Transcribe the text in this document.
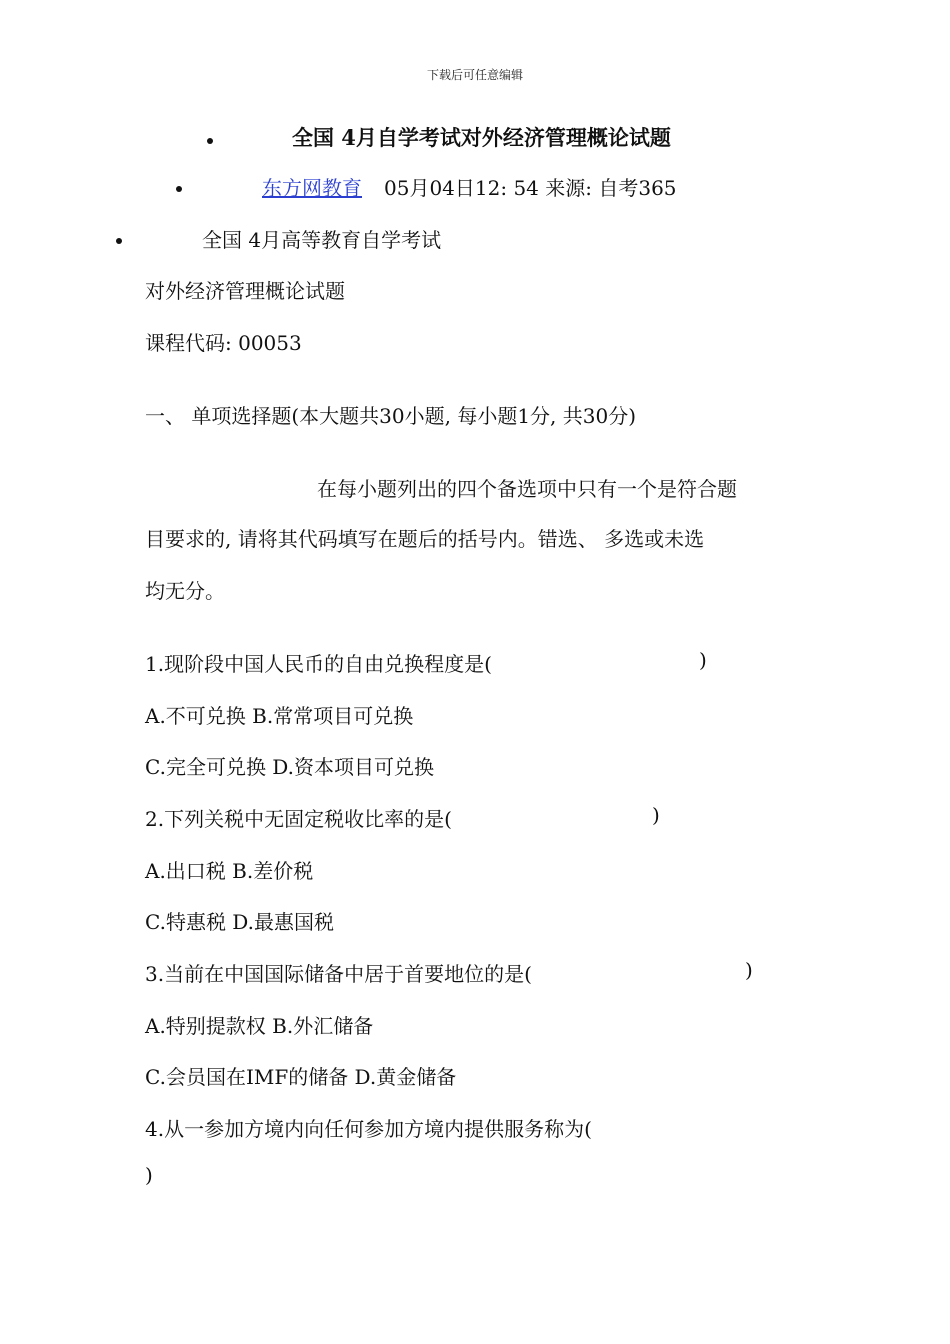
下载后可任意编辑
全国 4月自学考试对外经济管理概论试题
东方网教育 05月04日12: 54 来源: 自考365
全国 4月高等教育自学考试
对外经济管理概论试题
课程代码: 00053
一、 单项选择题(本大题共30小题, 每小题1分, 共30分)
在每小题列出的四个备选项中只有一个是符合题
目要求的, 请将其代码填写在题后的括号内。错选、 多选或未选
均无分。
1.现阶段中国人民币的自由兑换程度是(	)
A.不可兑换 B.常常项目可兑换
C.完全可兑换 D.资本项目可兑换
2.下列关税中无固定税收比率的是(	)
A.出口税 B.差价税
C.特惠税 D.最惠国税
3.当前在中国国际储备中居于首要地位的是(	)
A.特别提款权 B.外汇储备
C.会员国在IMF的储备 D.黄金储备
4.从一参加方境内向任何参加方境内提供服务称为(
)
